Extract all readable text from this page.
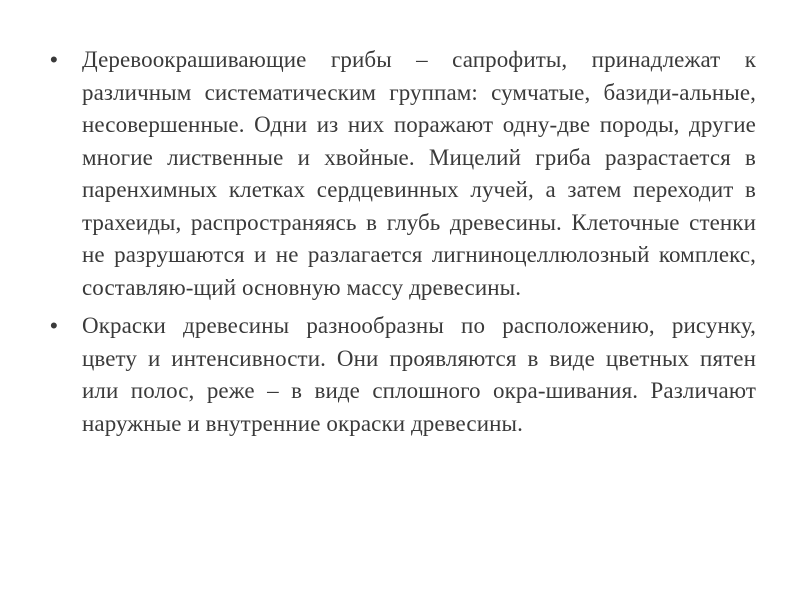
• Деревоокрашивающие грибы – сапрофиты, принадлежат к различным систематическим группам: сумчатые, базиди-альные, несовершенные. Одни из них поражают одну-две породы, другие многие лиственные и хвойные. Мицелий гриба разрастается в паренхимных клетках сердцевинных лучей, а затем переходит в трахеиды, распространяясь в глубь древесины. Клеточные стенки не разрушаются и не разлагается лигниноцеллюлозный комплекс, составляю-щий основную массу древесины.
• Окраски древесины разнообразны по расположению, рисунку, цвету и интенсивности. Они проявляются в виде цветных пятен или полос, реже – в виде сплошного окра-шивания. Различают наружные и внутренние окраски древесины.
